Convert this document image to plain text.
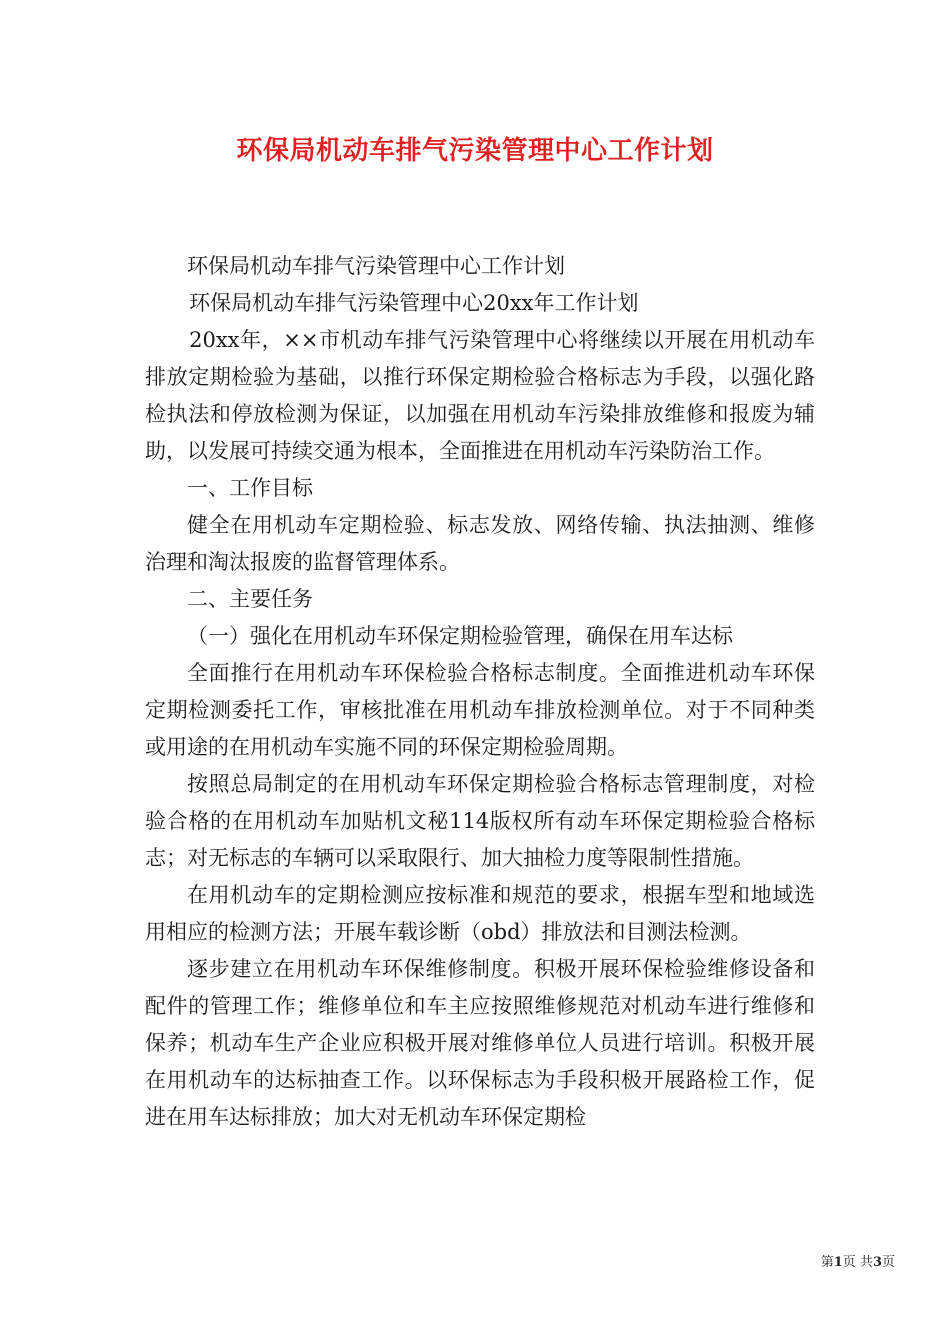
环保局机动车排气污染管理中心工作计划

环保局机动车排气污染管理中心工作计划

环保局机动车排气污染管理中心20xx年工作计划

20xx年，××市机动车排气污染管理中心将继续以开展在用机动车排放定期检验为基础，以推行环保定期检验合格标志为手段，以强化路检执法和停放检测为保证，以加强在用机动车污染排放维修和报废为辅助，以发展可持续交通为根本，全面推进在用机动车污染防治工作。

一、工作目标

健全在用机动车定期检验、标志发放、网络传输、执法抽测、维修治理和淘汰报废的监督管理体系。

二、主要任务

（一）强化在用机动车环保定期检验管理，确保在用车达标

全面推行在用机动车环保检验合格标志制度。全面推进机动车环保定期检测委托工作，审核批准在用机动车排放检测单位。对于不同种类或用途的在用机动车实施不同的环保定期检验周期。

按照总局制定的在用机动车环保定期检验合格标志管理制度，对检验合格的在用机动车加贴机文秘114版权所有动车环保定期检验合格标志；对无标志的车辆可以采取限行、加大抽检力度等限制性措施。

在用机动车的定期检测应按标准和规范的要求，根据车型和地域选用相应的检测方法；开展车载诊断（obd）排放法和目测法检测。

逐步建立在用机动车环保维修制度。积极开展环保检验维修设备和配件的管理工作；维修单位和车主应按照维修规范对机动车进行维修和保养；机动车生产企业应积极开展对维修单位人员进行培训。积极开展在用机动车的达标抽查工作。以环保标志为手段积极开展路检工作，促进在用车达标排放；加大对无机动车环保定期检

第1页 共3页
